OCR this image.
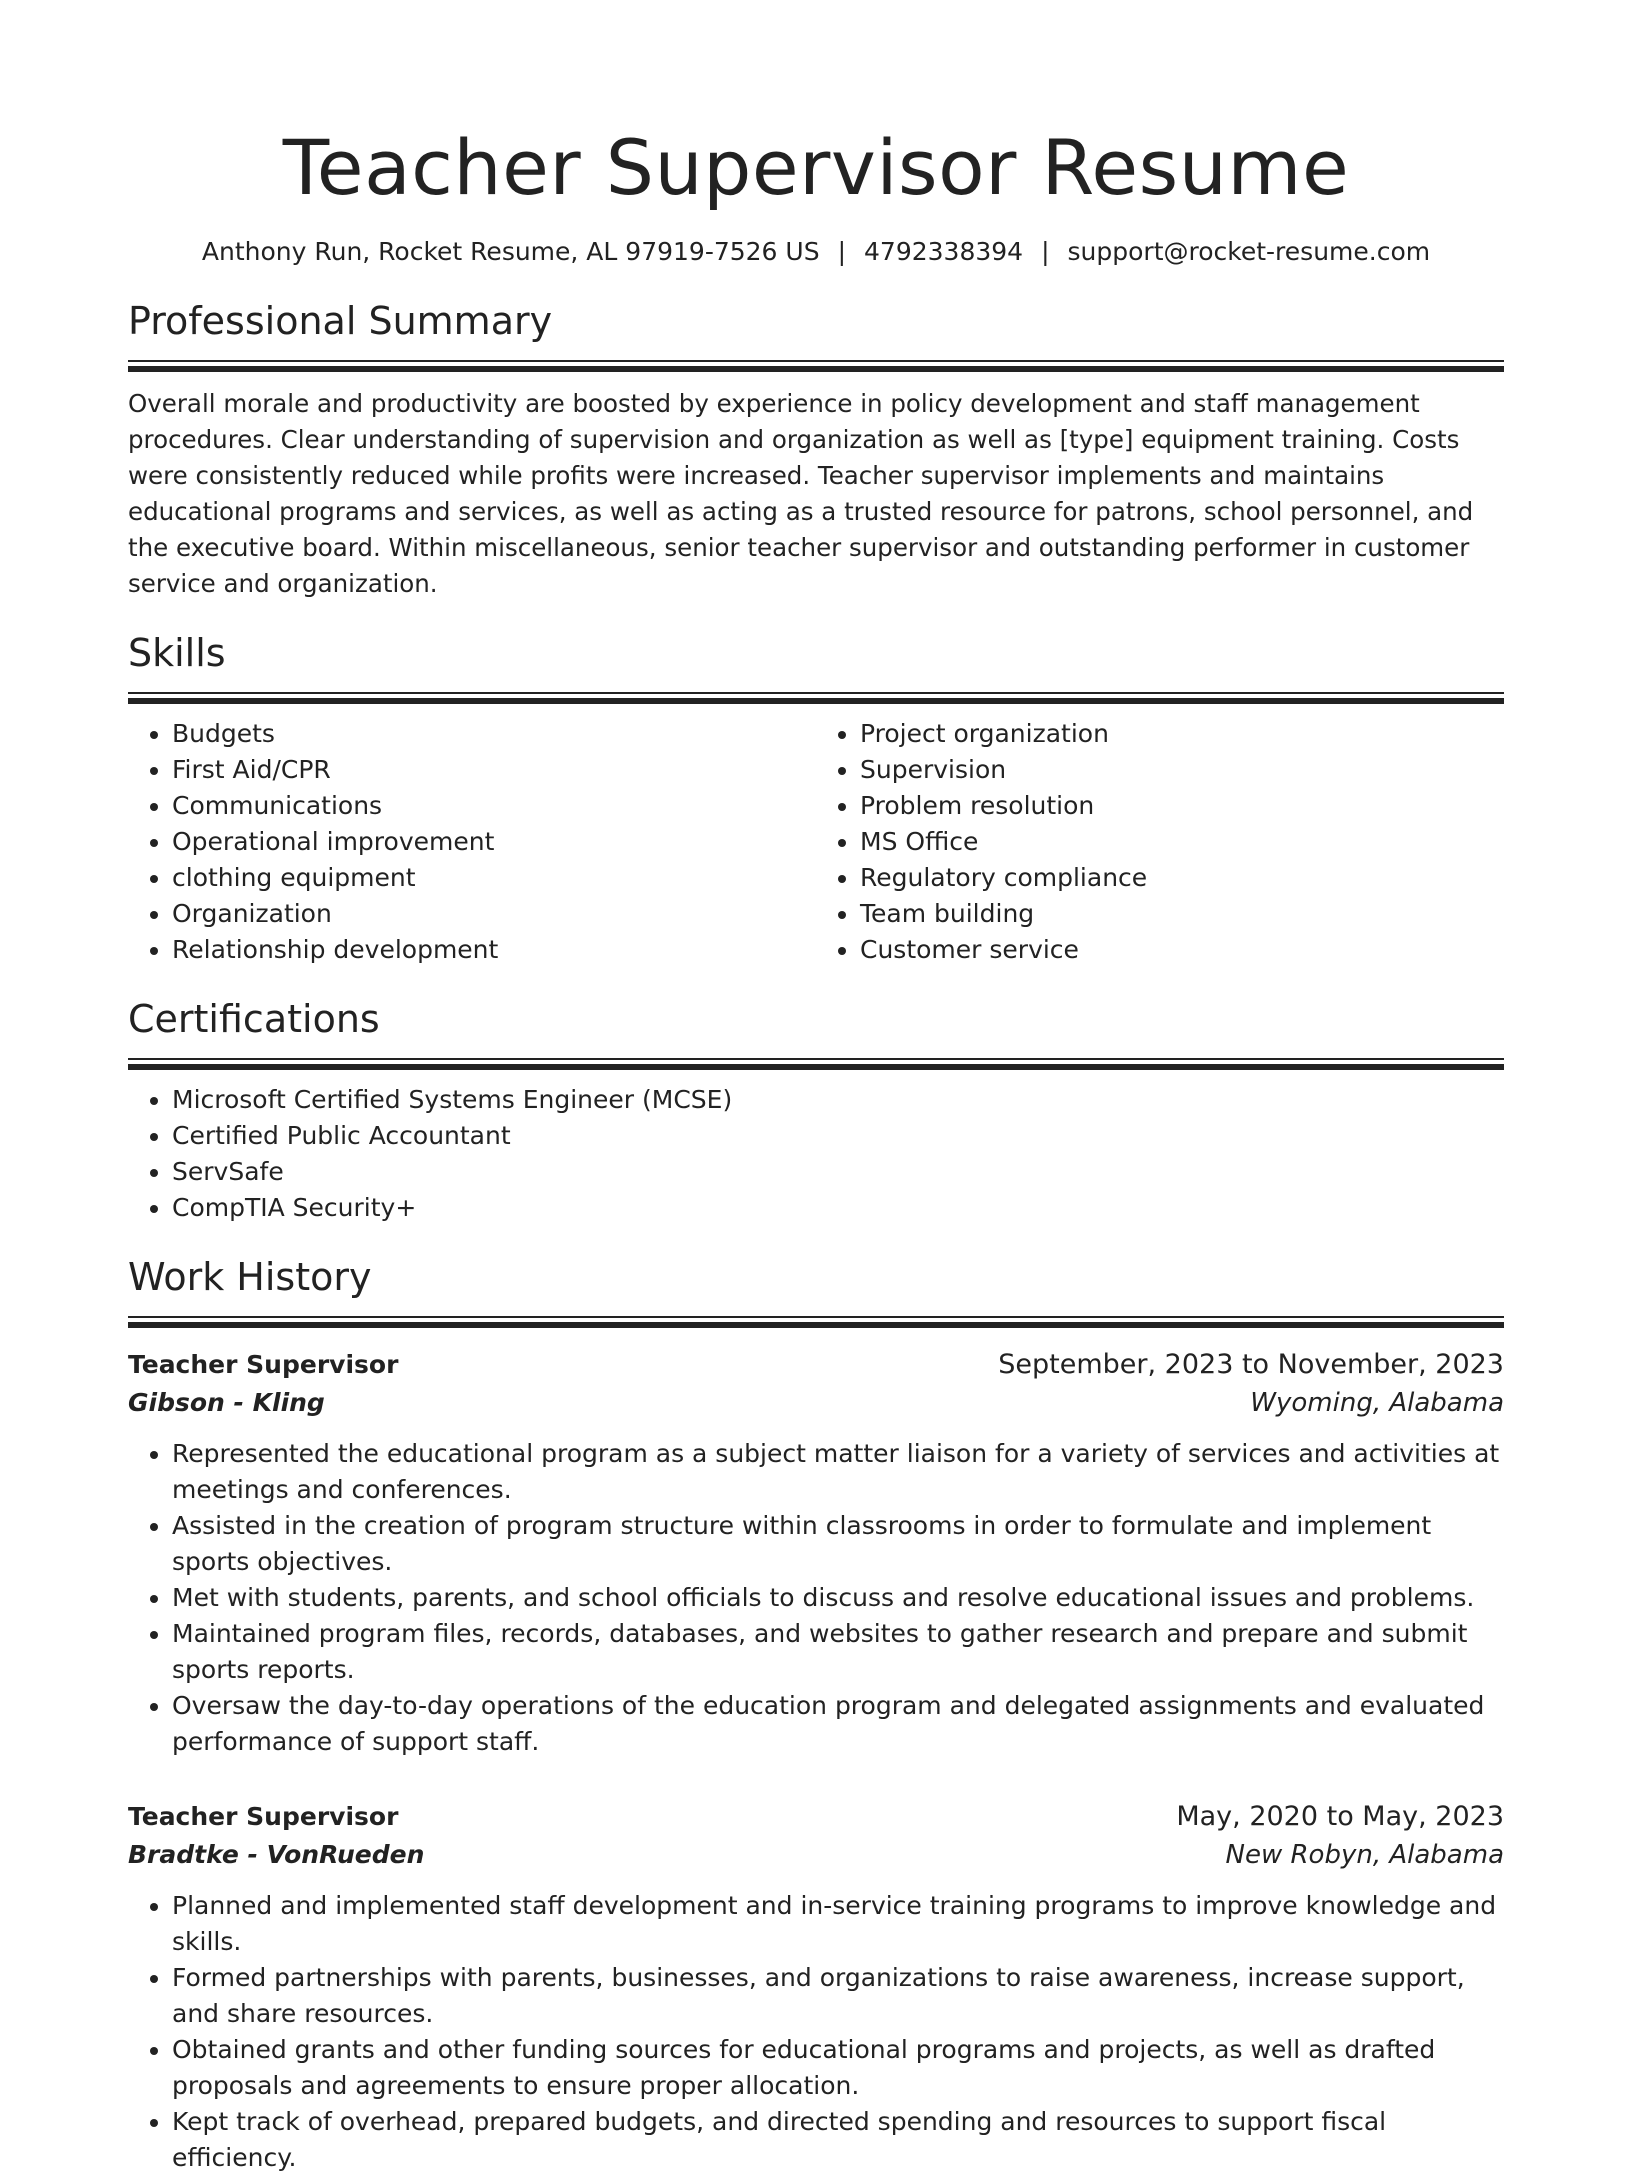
Teacher Supervisor Resume
Anthony Run, Rocket Resume, AL 97919-7526 US | 4792338394 | support@rocket-resume.com
Professional Summary

Overall morale and productivity are boosted by experience in policy development and staff management procedures. Clear understanding of supervision and organization as well as [type] equipment training. Costs were consistently reduced while profits were increased. Teacher supervisor implements and maintains educational programs and services, as well as acting as a trusted resource for patrons, school personnel, and the executive board. Within miscellaneous, senior teacher supervisor and outstanding performer in customer service and organization.

Skills
• Budgets
• First Aid/CPR
• Communications
• Operational improvement
• clothing equipment
• Organization
• Relationship development
• Project organization
• Supervision
• Problem resolution
• MS Office
• Regulatory compliance
• Team building
• Customer service
Certifications
• Microsoft Certified Systems Engineer (MCSE)
• Certified Public Accountant
• ServSafe
• CompTIA Security+
Work History
Teacher Supervisor	September, 2023 to November, 2023
Gibson - Kling	Wyoming, Alabama
• Represented the educational program as a subject matter liaison for a variety of services and activities at meetings and conferences.
• Assisted in the creation of program structure within classrooms in order to formulate and implement sports objectives.
• Met with students, parents, and school officials to discuss and resolve educational issues and problems.
• Maintained program files, records, databases, and websites to gather research and prepare and submit sports reports.
• Oversaw the day-to-day operations of the education program and delegated assignments and evaluated performance of support staff.
Teacher Supervisor	May, 2020 to May, 2023
Bradtke - VonRueden	New Robyn, Alabama
• Planned and implemented staff development and in-service training programs to improve knowledge and skills.
• Formed partnerships with parents, businesses, and organizations to raise awareness, increase support, and share resources.
• Obtained grants and other funding sources for educational programs and projects, as well as drafted proposals and agreements to ensure proper allocation.
• Kept track of overhead, prepared budgets, and directed spending and resources to support fiscal efficiency.
